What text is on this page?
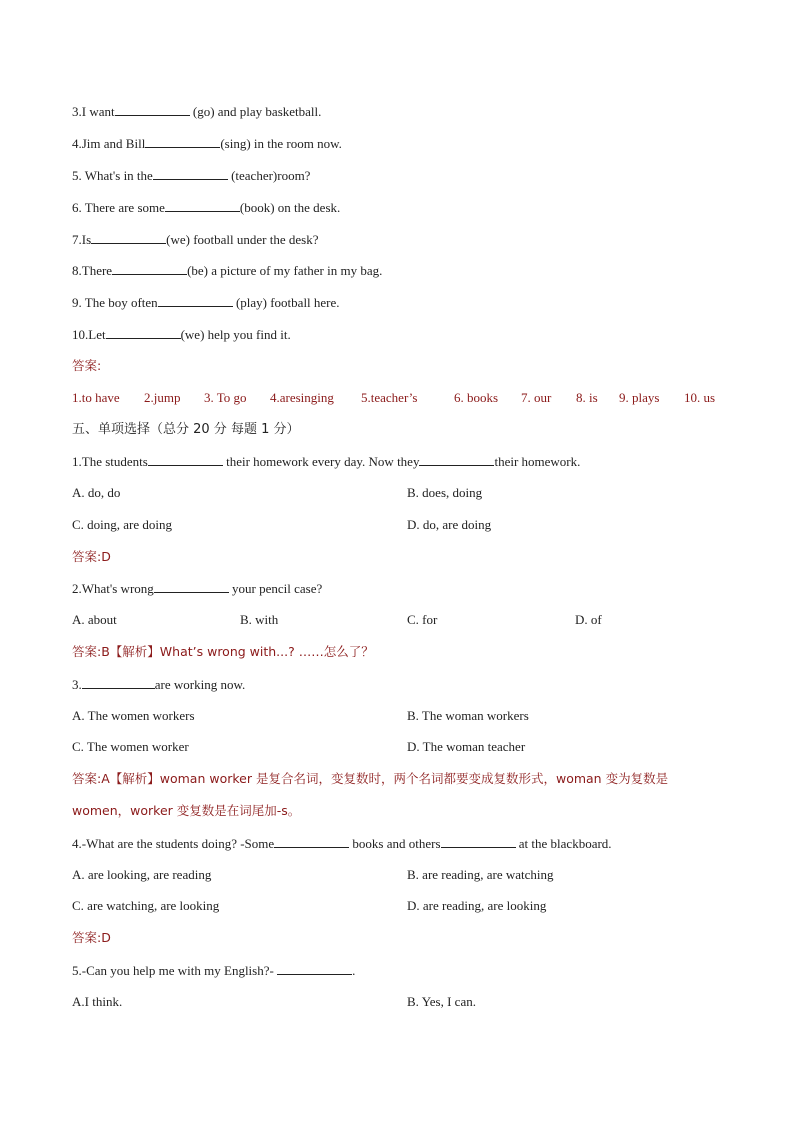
3.I want	(go) and play basketball.
4.Jim and Bill	(sing) in the room now.
5. What's in the	(teacher)room?
6. There are some	(book) on the desk.
7.Is	(we) football under the desk?
8.There	(be) a picture of my father in my bag.
9. The boy often	(play) football here.
10.Let	(we) help you find it.
答案:
1.to have 2.jump 3. To go 4.aresinging 5.teacher’s	6. books 7. our 8. is 9. plays 10. us
五、单项选择（总分 20 分 每题 1 分）
1.The students	their homework every day. Now they	their homework.
A. do, do	B. does, doing
C. doing, are doing	D. do, are doing
答案:D
2.What's wrong	your pencil case?
A. about	B. with	C. for	D. of
答案:B【解析】What’s wrong with...? ……怎么了？
3.	are working now.
A. The women workers	B. The woman workers
C. The women worker	D. The woman teacher
答案:A【解析】woman worker 是复合名词，变复数时，两个名词都要变成复数形式，woman 变为复数是
women，worker 变复数是在词尾加-s。
4.-What are the students doing? -Some	books and others	at the blackboard.
A. are looking, are reading	B. are reading, are watching
C. are watching, are looking	D. are reading, are looking
答案:D
5.-Can you help me with my English?-	.
A.I think.	B. Yes, I can.
